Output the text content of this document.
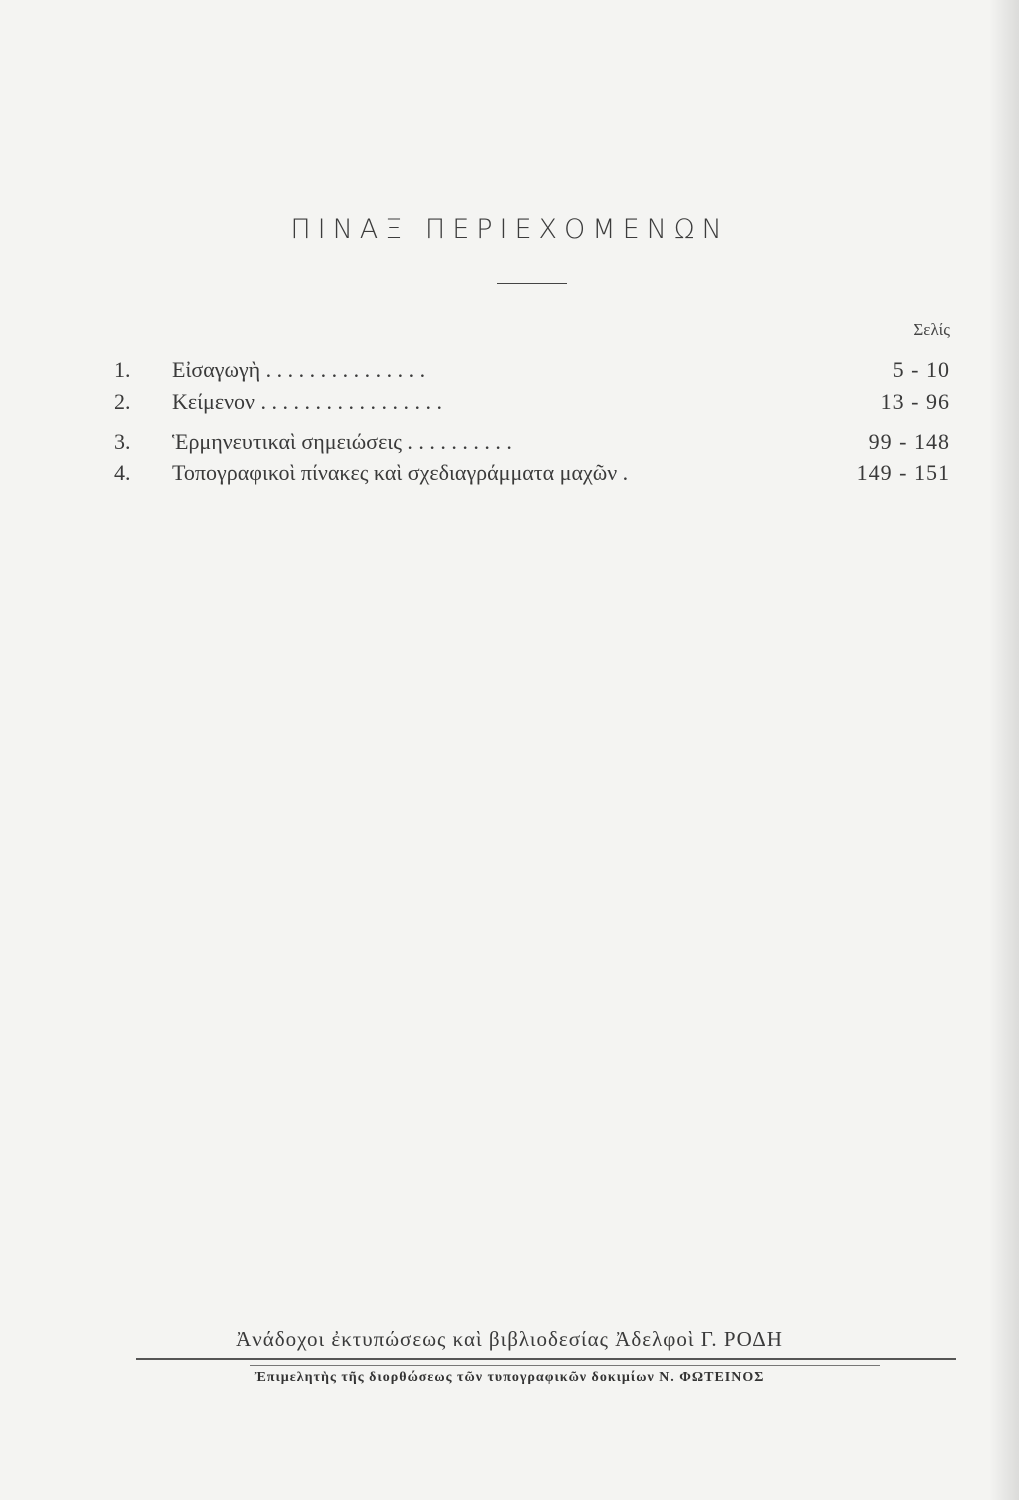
ΠΙΝΑΞ ΠΕΡΙΕΧΟΜΕΝΩΝ
Σελίς
1.	Εἰσαγωγὴ . . . . . . . . . . . . . . .	5 - 10
2.	Κείμενον . . . . . . . . . . . . . . . . .	13 - 96
3.	Ἑρμηνευτικαὶ σημειώσεις . . . . . . . . . .	99 - 148
4.	Τοπογραφικοὶ πίνακες καὶ σχεδιαγράμματα μαχῶν .	149 - 151
Ἀνάδοχοι ἐκτυπώσεως καὶ βιβλιοδεσίας Ἀδελφοὶ Γ. ΡΟΔΗ
Ἐπιμελητὴς τῆς διορθώσεως τῶν τυπογραφικῶν δοκιμίων Ν. ΦΩΤΕΙΝΟΣ
